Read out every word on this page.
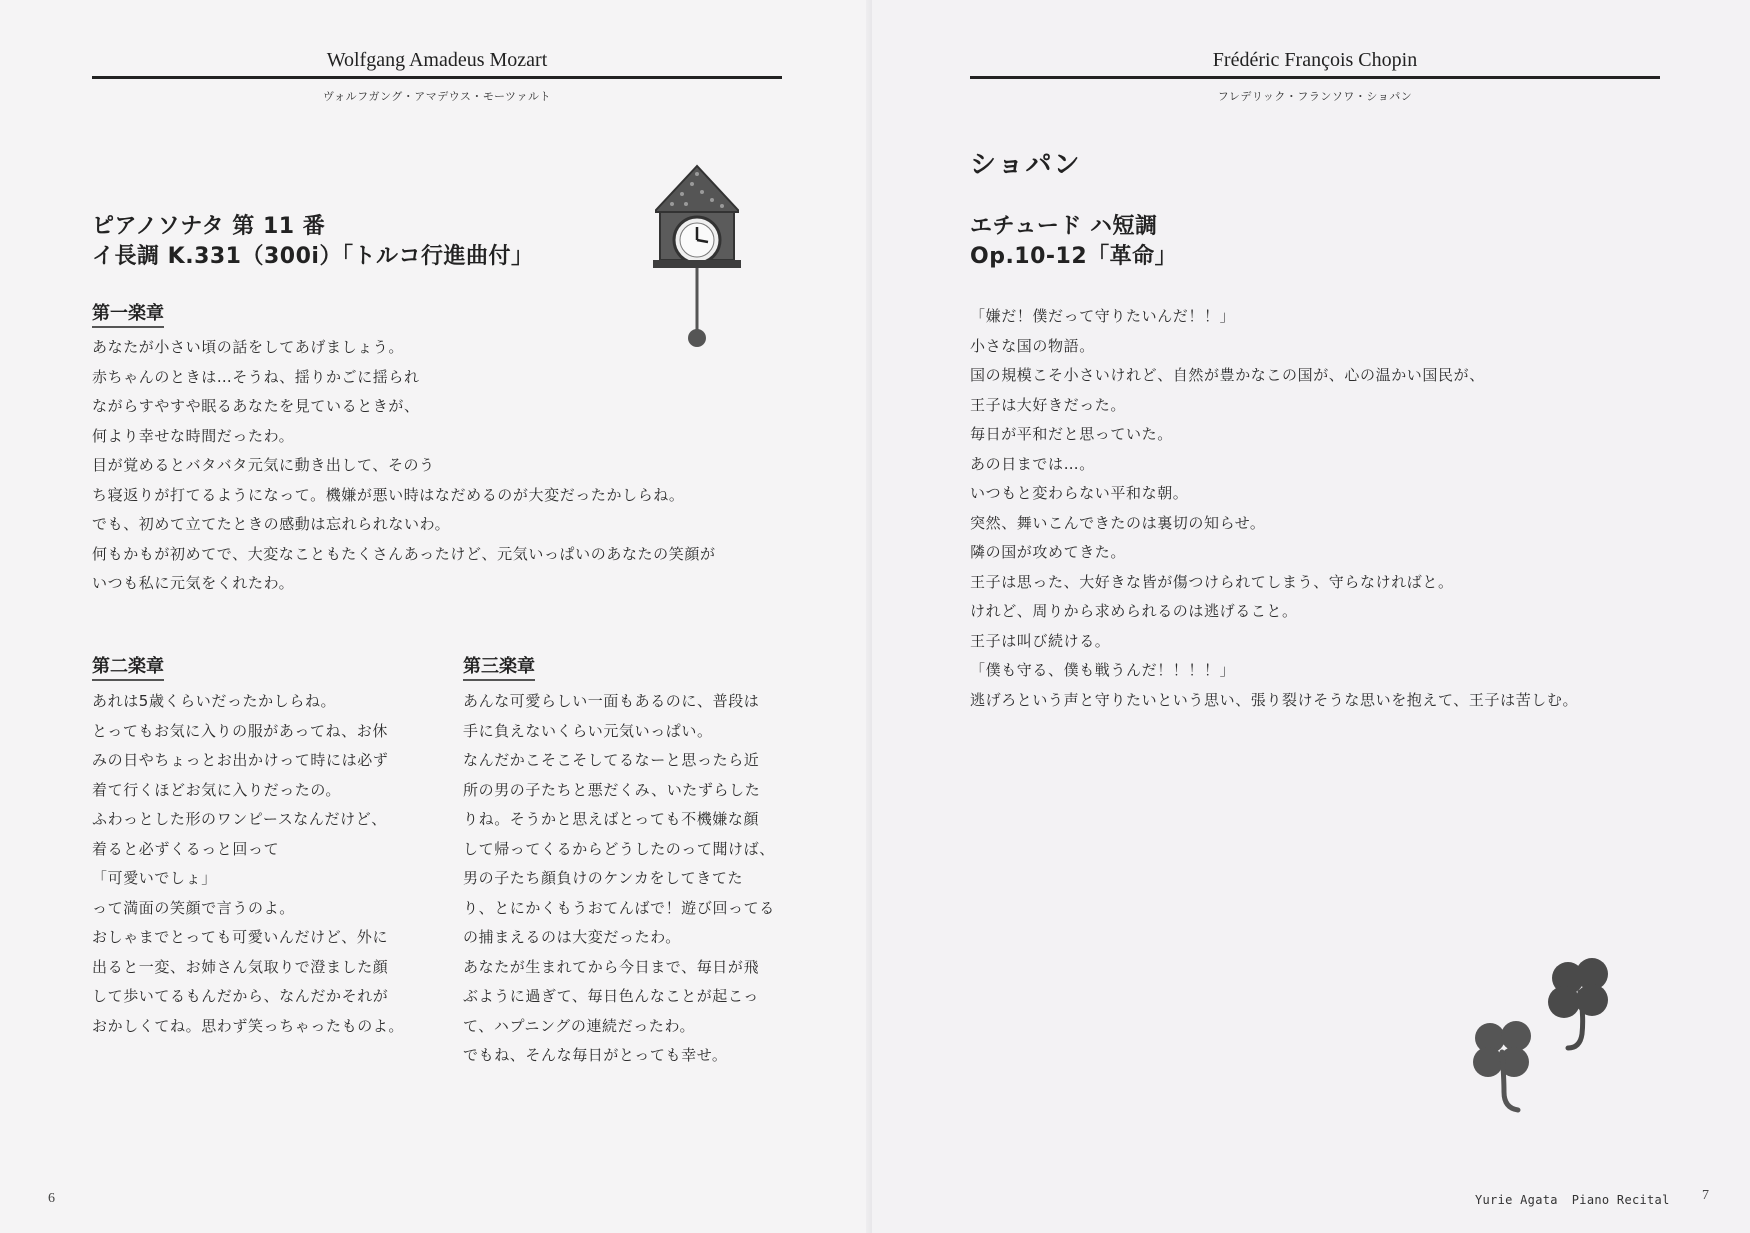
Wolfgang Amadeus Mozart
ヴォルフガング・アマデウス・モーツァルト
ピアノソナタ 第 11 番
イ長調 K.331（300i）「トルコ行進曲付」
第一楽章
あなたが小さい頃の話をしてあげましょう。
赤ちゃんのときは…そうね、揺りかごに揺られ
ながらすやすや眠るあなたを見ているときが、
何より幸せな時間だったわ。
目が覚めるとバタバタ元気に動き出して、そのう
ち寝返りが打てるようになって。機嫌が悪い時はなだめるのが大変だったかしらね。
でも、初めて立てたときの感動は忘れられないわ。
何もかもが初めてで、大変なこともたくさんあったけど、元気いっぱいのあなたの笑顔が
いつも私に元気をくれたわ。
第二楽章
あれは5歳くらいだったかしらね。
とってもお気に入りの服があってね、お休
みの日やちょっとお出かけって時には必ず
着て行くほどお気に入りだったの。
ふわっとした形のワンピースなんだけど、
着ると必ずくるっと回って
「可愛いでしょ」
って満面の笑顔で言うのよ。
おしゃまでとっても可愛いんだけど、外に
出ると一変、お姉さん気取りで澄ました顔
して歩いてるもんだから、なんだかそれが
おかしくてね。思わず笑っちゃったものよ。
第三楽章
あんな可愛らしい一面もあるのに、普段は
手に負えないくらい元気いっぱい。
なんだかこそこそしてるなーと思ったら近
所の男の子たちと悪だくみ、いたずらした
りね。そうかと思えばとっても不機嫌な顔
して帰ってくるからどうしたのって聞けば、
男の子たち顔負けのケンカをしてきてた
り、とにかくもうおてんばで！遊び回ってる
の捕まえるのは大変だったわ。
あなたが生まれてから今日まで、毎日が飛
ぶように過ぎて、毎日色んなことが起こっ
て、ハプニングの連続だったわ。
でもね、そんな毎日がとっても幸せ。
6
Frédéric François Chopin
フレデリック・フランソワ・ショパン
ショパン
エチュード ハ短調
Op.10-12「革命」
「嫌だ！僕だって守りたいんだ！！」
小さな国の物語。
国の規模こそ小さいけれど、自然が豊かなこの国が、心の温かい国民が、
王子は大好きだった。
毎日が平和だと思っていた。
あの日までは…。
いつもと変わらない平和な朝。
突然、舞いこんできたのは裏切の知らせ。
隣の国が攻めてきた。
王子は思った、大好きな皆が傷つけられてしまう、守らなければと。
けれど、周りから求められるのは逃げること。
王子は叫び続ける。
「僕も守る、僕も戦うんだ！！！！」
逃げろという声と守りたいという思い、張り裂けそうな思いを抱えて、王子は苦しむ。
Yurie Agata Piano Recital 7
